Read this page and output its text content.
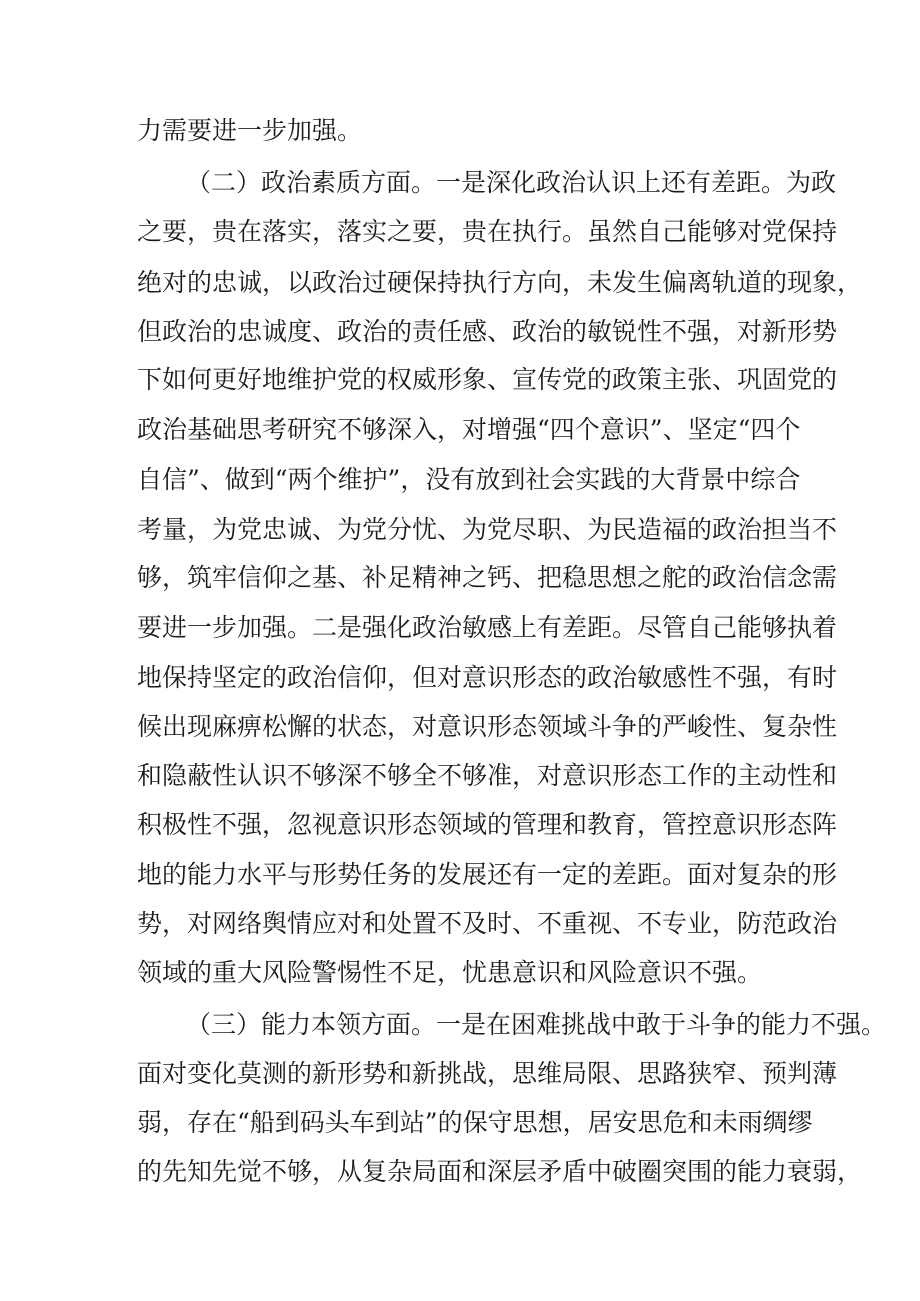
力需要进一步加强。
（二）政治素质方面。一是深化政治认识上还有差距。为政
之要，贵在落实，落实之要，贵在执行。虽然自己能够对党保持
绝对的忠诚，以政治过硬保持执行方向，未发生偏离轨道的现象，
但政治的忠诚度、政治的责任感、政治的敏锐性不强，对新形势
下如何更好地维护党的权威形象、宣传党的政策主张、巩固党的
政治基础思考研究不够深入，对增强“四个意识”、坚定“四个
自信”、做到“两个维护”，没有放到社会实践的大背景中综合
考量，为党忠诚、为党分忧、为党尽职、为民造福的政治担当不
够，筑牢信仰之基、补足精神之钙、把稳思想之舵的政治信念需
要进一步加强。二是强化政治敏感上有差距。尽管自己能够执着
地保持坚定的政治信仰，但对意识形态的政治敏感性不强，有时
候出现麻痹松懈的状态，对意识形态领域斗争的严峻性、复杂性
和隐蔽性认识不够深不够全不够准，对意识形态工作的主动性和
积极性不强，忽视意识形态领域的管理和教育，管控意识形态阵
地的能力水平与形势任务的发展还有一定的差距。面对复杂的形
势，对网络舆情应对和处置不及时、不重视、不专业，防范政治
领域的重大风险警惕性不足，忧患意识和风险意识不强。
（三）能力本领方面。一是在困难挑战中敢于斗争的能力不强。
面对变化莫测的新形势和新挑战，思维局限、思路狭窄、预判薄
弱，存在“船到码头车到站”的保守思想，居安思危和未雨绸缪
的先知先觉不够，从复杂局面和深层矛盾中破圈突围的能力衰弱，
